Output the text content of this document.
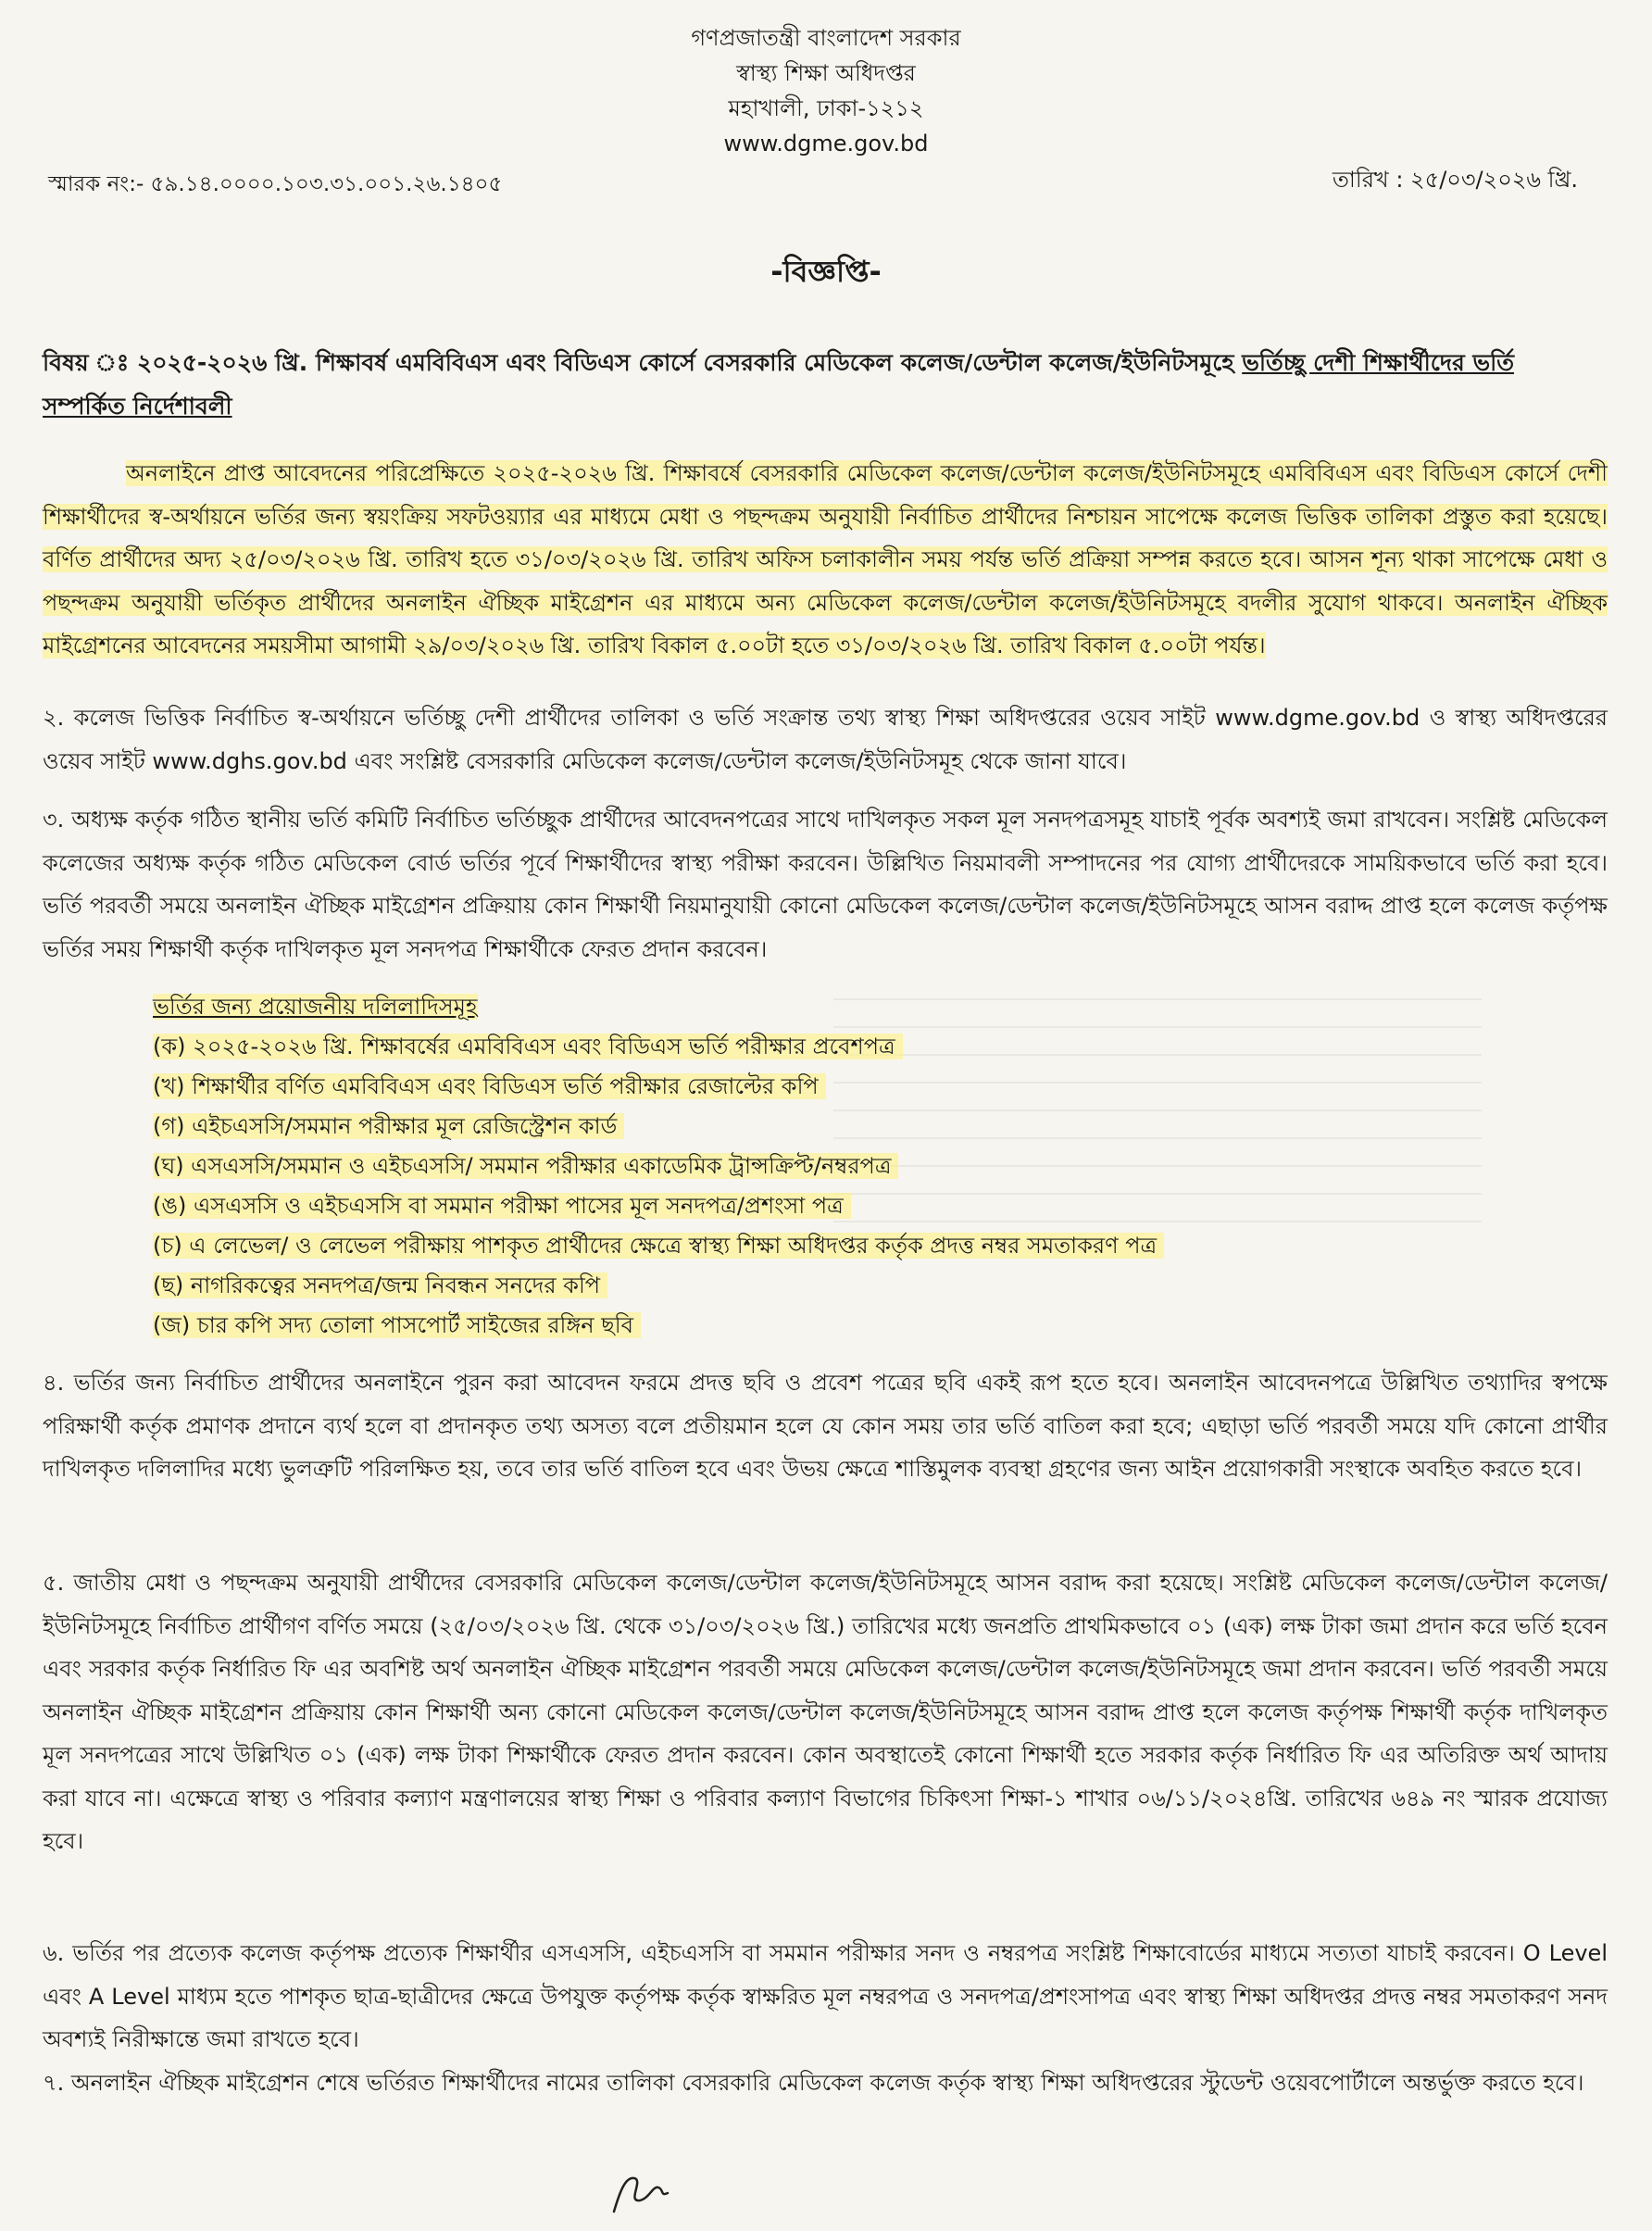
গণপ্রজাতন্ত্রী বাংলাদেশ সরকার
স্বাস্থ্য শিক্ষা অধিদপ্তর
মহাখালী, ঢাকা-১২১২
www.dgme.gov.bd
স্মারক নং:- ৫৯.১৪.০০০০.১০৩.৩১.০০১.২৬.১৪০৫	তারিখ : ২৫/০৩/২০২৬ খ্রি.
-বিজ্ঞপ্তি-
বিষয় ঃ ২০২৫-২০২৬ খ্রি. শিক্ষাবর্ষ এমবিবিএস এবং বিডিএস কোর্সে বেসরকারি মেডিকেল কলেজ/ডেন্টাল কলেজ/ইউনিটসমূহে ভর্তিচ্ছু দেশী শিক্ষার্থীদের ভর্তি সম্পর্কিত নির্দেশাবলী
অনলাইনে প্রাপ্ত আবেদনের পরিপ্রেক্ষিতে ২০২৫-২০২৬ খ্রি. শিক্ষাবর্ষে বেসরকারি মেডিকেল কলেজ/ডেন্টাল কলেজ/ইউনিটসমূহে এমবিবিএস এবং বিডিএস কোর্সে দেশী শিক্ষার্থীদের স্ব-অর্থায়নে ভর্তির জন্য স্বয়ংক্রিয় সফটওয়্যার এর মাধ্যমে মেধা ও পছন্দক্রম অনুযায়ী নির্বাচিত প্রার্থীদের নিশ্চায়ন সাপেক্ষে কলেজ ভিত্তিক তালিকা প্রস্তুত করা হয়েছে। বর্ণিত প্রার্থীদের অদ্য ২৫/০৩/২০২৬ খ্রি. তারিখ হতে ৩১/০৩/২০২৬ খ্রি. তারিখ অফিস চলাকালীন সময় পর্যন্ত ভর্তি প্রক্রিয়া সম্পন্ন করতে হবে। আসন শূন্য থাকা সাপেক্ষে মেধা ও পছন্দক্রম অনুযায়ী ভর্তিকৃত প্রার্থীদের অনলাইন ঐচ্ছিক মাইগ্রেশন এর মাধ্যমে অন্য মেডিকেল কলেজ/ডেন্টাল কলেজ/ইউনিটসমূহে বদলীর সুযোগ থাকবে। অনলাইন ঐচ্ছিক মাইগ্রেশনের আবেদনের সময়সীমা আগামী ২৯/০৩/২০২৬ খ্রি. তারিখ বিকাল ৫.০০টা হতে ৩১/০৩/২০২৬ খ্রি. তারিখ বিকাল ৫.০০টা পর্যন্ত।
২. কলেজ ভিত্তিক নির্বাচিত স্ব-অর্থায়নে ভর্তিচ্ছু দেশী প্রার্থীদের তালিকা ও ভর্তি সংক্রান্ত তথ্য স্বাস্থ্য শিক্ষা অধিদপ্তরের ওয়েব সাইট www.dgme.gov.bd ও স্বাস্থ্য অধিদপ্তরের ওয়েব সাইট www.dghs.gov.bd এবং সংশ্লিষ্ট বেসরকারি মেডিকেল কলেজ/ডেন্টাল কলেজ/ইউনিটসমূহ থেকে জানা যাবে।
৩. অধ্যক্ষ কর্তৃক গঠিত স্থানীয় ভর্তি কমিটি নির্বাচিত ভর্তিচ্ছুক প্রার্থীদের আবেদনপত্রের সাথে দাখিলকৃত সকল মূল সনদপত্রসমূহ যাচাই পূর্বক অবশ্যই জমা রাখবেন। সংশ্লিষ্ট মেডিকেল কলেজের অধ্যক্ষ কর্তৃক গঠিত মেডিকেল বোর্ড ভর্তির পূর্বে শিক্ষার্থীদের স্বাস্থ্য পরীক্ষা করবেন। উল্লিখিত নিয়মাবলী সম্পাদনের পর যোগ্য প্রার্থীদেরকে সাময়িকভাবে ভর্তি করা হবে। ভর্তি পরবর্তী সময়ে অনলাইন ঐচ্ছিক মাইগ্রেশন প্রক্রিয়ায় কোন শিক্ষার্থী নিয়মানুযায়ী কোনো মেডিকেল কলেজ/ডেন্টাল কলেজ/ইউনিটসমূহে আসন বরাদ্দ প্রাপ্ত হলে কলেজ কর্তৃপক্ষ ভর্তির সময় শিক্ষার্থী কর্তৃক দাখিলকৃত মূল সনদপত্র শিক্ষার্থীকে ফেরত প্রদান করবেন।
ভর্তির জন্য প্রয়োজনীয় দলিলাদিসমূহ
(ক) ২০২৫-২০২৬ খ্রি. শিক্ষাবর্ষের এমবিবিএস এবং বিডিএস ভর্তি পরীক্ষার প্রবেশপত্র
(খ) শিক্ষার্থীর বর্ণিত এমবিবিএস এবং বিডিএস ভর্তি পরীক্ষার রেজাল্টের কপি
(গ) এইচএসসি/সমমান পরীক্ষার মূল রেজিস্ট্রেশন কার্ড
(ঘ) এসএসসি/সমমান ও এইচএসসি/ সমমান পরীক্ষার একাডেমিক ট্রান্সক্রিপ্ট/নম্বরপত্র
(ঙ) এসএসসি ও এইচএসসি বা সমমান পরীক্ষা পাসের মূল সনদপত্র/প্রশংসা পত্র
(চ) এ লেভেল/ ও লেভেল পরীক্ষায় পাশকৃত প্রার্থীদের ক্ষেত্রে স্বাস্থ্য শিক্ষা অধিদপ্তর কর্তৃক প্রদত্ত নম্বর সমতাকরণ পত্র
(ছ) নাগরিকত্বের সনদপত্র/জন্ম নিবন্ধন সনদের কপি
(জ) চার কপি সদ্য তোলা পাসপোর্ট সাইজের রঙ্গিন ছবি
৪. ভর্তির জন্য নির্বাচিত প্রার্থীদের অনলাইনে পুরন করা আবেদন ফরমে প্রদত্ত ছবি ও প্রবেশ পত্রের ছবি একই রূপ হতে হবে। অনলাইন আবেদনপত্রে উল্লিখিত তথ্যাদির স্বপক্ষে পরিক্ষার্থী কর্তৃক প্রমাণক প্রদানে ব্যর্থ হলে বা প্রদানকৃত তথ্য অসত্য বলে প্রতীয়মান হলে যে কোন সময় তার ভর্তি বাতিল করা হবে; এছাড়া ভর্তি পরবর্তী সময়ে যদি কোনো প্রার্থীর দাখিলকৃত দলিলাদির মধ্যে ভুলত্রুটি পরিলক্ষিত হয়, তবে তার ভর্তি বাতিল হবে এবং উভয় ক্ষেত্রে শাস্তিমুলক ব্যবস্থা গ্রহণের জন্য আইন প্রয়োগকারী সংস্থাকে অবহিত করতে হবে।
৫. জাতীয় মেধা ও পছন্দক্রম অনুযায়ী প্রার্থীদের বেসরকারি মেডিকেল কলেজ/ডেন্টাল কলেজ/ইউনিটসমূহে আসন বরাদ্দ করা হয়েছে। সংশ্লিষ্ট মেডিকেল কলেজ/ডেন্টাল কলেজ/ইউনিটসমূহে নির্বাচিত প্রার্থীগণ বর্ণিত সময়ে (২৫/০৩/২০২৬ খ্রি. থেকে ৩১/০৩/২০২৬ খ্রি.) তারিখের মধ্যে জনপ্রতি প্রাথমিকভাবে ০১ (এক) লক্ষ টাকা জমা প্রদান করে ভর্তি হবেন এবং সরকার কর্তৃক নির্ধারিত ফি এর অবশিষ্ট অর্থ অনলাইন ঐচ্ছিক মাইগ্রেশন পরবর্তী সময়ে মেডিকেল কলেজ/ডেন্টাল কলেজ/ইউনিটসমূহে জমা প্রদান করবেন। ভর্তি পরবর্তী সময়ে অনলাইন ঐচ্ছিক মাইগ্রেশন প্রক্রিয়ায় কোন শিক্ষার্থী অন্য কোনো মেডিকেল কলেজ/ডেন্টাল কলেজ/ইউনিটসমূহে আসন বরাদ্দ প্রাপ্ত হলে কলেজ কর্তৃপক্ষ শিক্ষার্থী কর্তৃক দাখিলকৃত মূল সনদপত্রের সাথে উল্লিখিত ০১ (এক) লক্ষ টাকা শিক্ষার্থীকে ফেরত প্রদান করবেন। কোন অবস্থাতেই কোনো শিক্ষার্থী হতে সরকার কর্তৃক নির্ধারিত ফি এর অতিরিক্ত অর্থ আদায় করা যাবে না। এক্ষেত্রে স্বাস্থ্য ও পরিবার কল্যাণ মন্ত্রণালয়ের স্বাস্থ্য শিক্ষা ও পরিবার কল্যাণ বিভাগের চিকিৎসা শিক্ষা-১ শাখার ০৬/১১/২০২৪খ্রি. তারিখের ৬৪৯ নং স্মারক প্রযোজ্য হবে।
৬. ভর্তির পর প্রত্যেক কলেজ কর্তৃপক্ষ প্রত্যেক শিক্ষার্থীর এসএসসি, এইচএসসি বা সমমান পরীক্ষার সনদ ও নম্বরপত্র সংশ্লিষ্ট শিক্ষাবোর্ডের মাধ্যমে সত্যতা যাচাই করবেন। O Level এবং A Level মাধ্যম হতে পাশকৃত ছাত্র-ছাত্রীদের ক্ষেত্রে উপযুক্ত কর্তৃপক্ষ কর্তৃক স্বাক্ষরিত মূল নম্বরপত্র ও সনদপত্র/প্রশংসাপত্র এবং স্বাস্থ্য শিক্ষা অধিদপ্তর প্রদত্ত নম্বর সমতাকরণ সনদ অবশ্যই নিরীক্ষান্তে জমা রাখতে হবে।
৭. অনলাইন ঐচ্ছিক মাইগ্রেশন শেষে ভর্তিরত শিক্ষার্থীদের নামের তালিকা বেসরকারি মেডিকেল কলেজ কর্তৃক স্বাস্থ্য শিক্ষা অধিদপ্তরের স্টুডেন্ট ওয়েবপোর্টালে অন্তর্ভুক্ত করতে হবে।
